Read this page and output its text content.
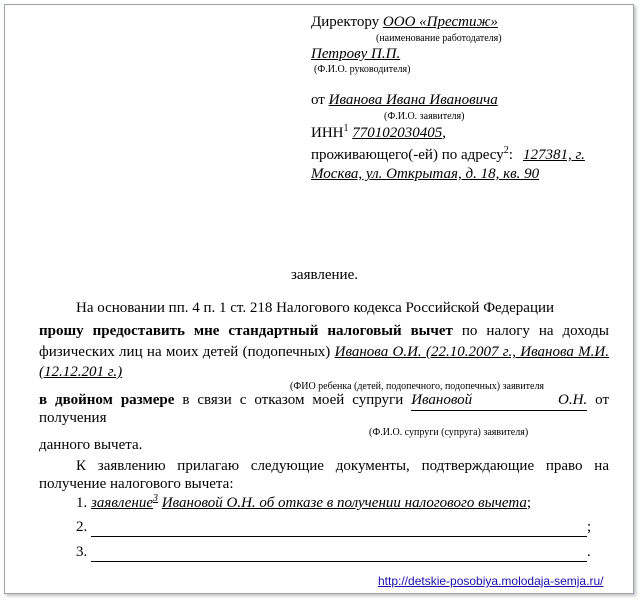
Директору ООО «Престиж»
(наименование работодателя)
Петрову П.П.
(Ф.И.О. руководителя)
от Иванова Ивана Ивановича
(Ф.И.О. заявителя)
ИНН$^1$ 770102030405,
проживающего(-ей) по адресу$^2$: 127381, г.
Москва, ул. Открытая, д. 18, кв. 90
заявление.
На основании пп. 4 п. 1 ст. 218 Налогового кодекса Российской Федерации
прошу предоставить мне стандартный налоговый вычет по налогу на доходы
физических лиц на моих детей (подопечных) Иванова О.И. (22.10.2007 г., Иванова М.И.
(12.12.201 г.)
(ФИО ребенка (детей, подопечного, подопечных) заявителя
в двойном размере в связи с отказом моей супруги Ивановой О.Н. от
получения
(Ф.И.О. супруги (супруга) заявителя)
данного вычета.
К заявлению прилагаю следующие документы, подтверждающие право на
получение налогового вычета:
1. заявление$^3$ Ивановой О.Н. об отказе в получении налогового вычета;
2.	;
3.	.
http://detskie-posobiya.molodaja-semja.ru/
